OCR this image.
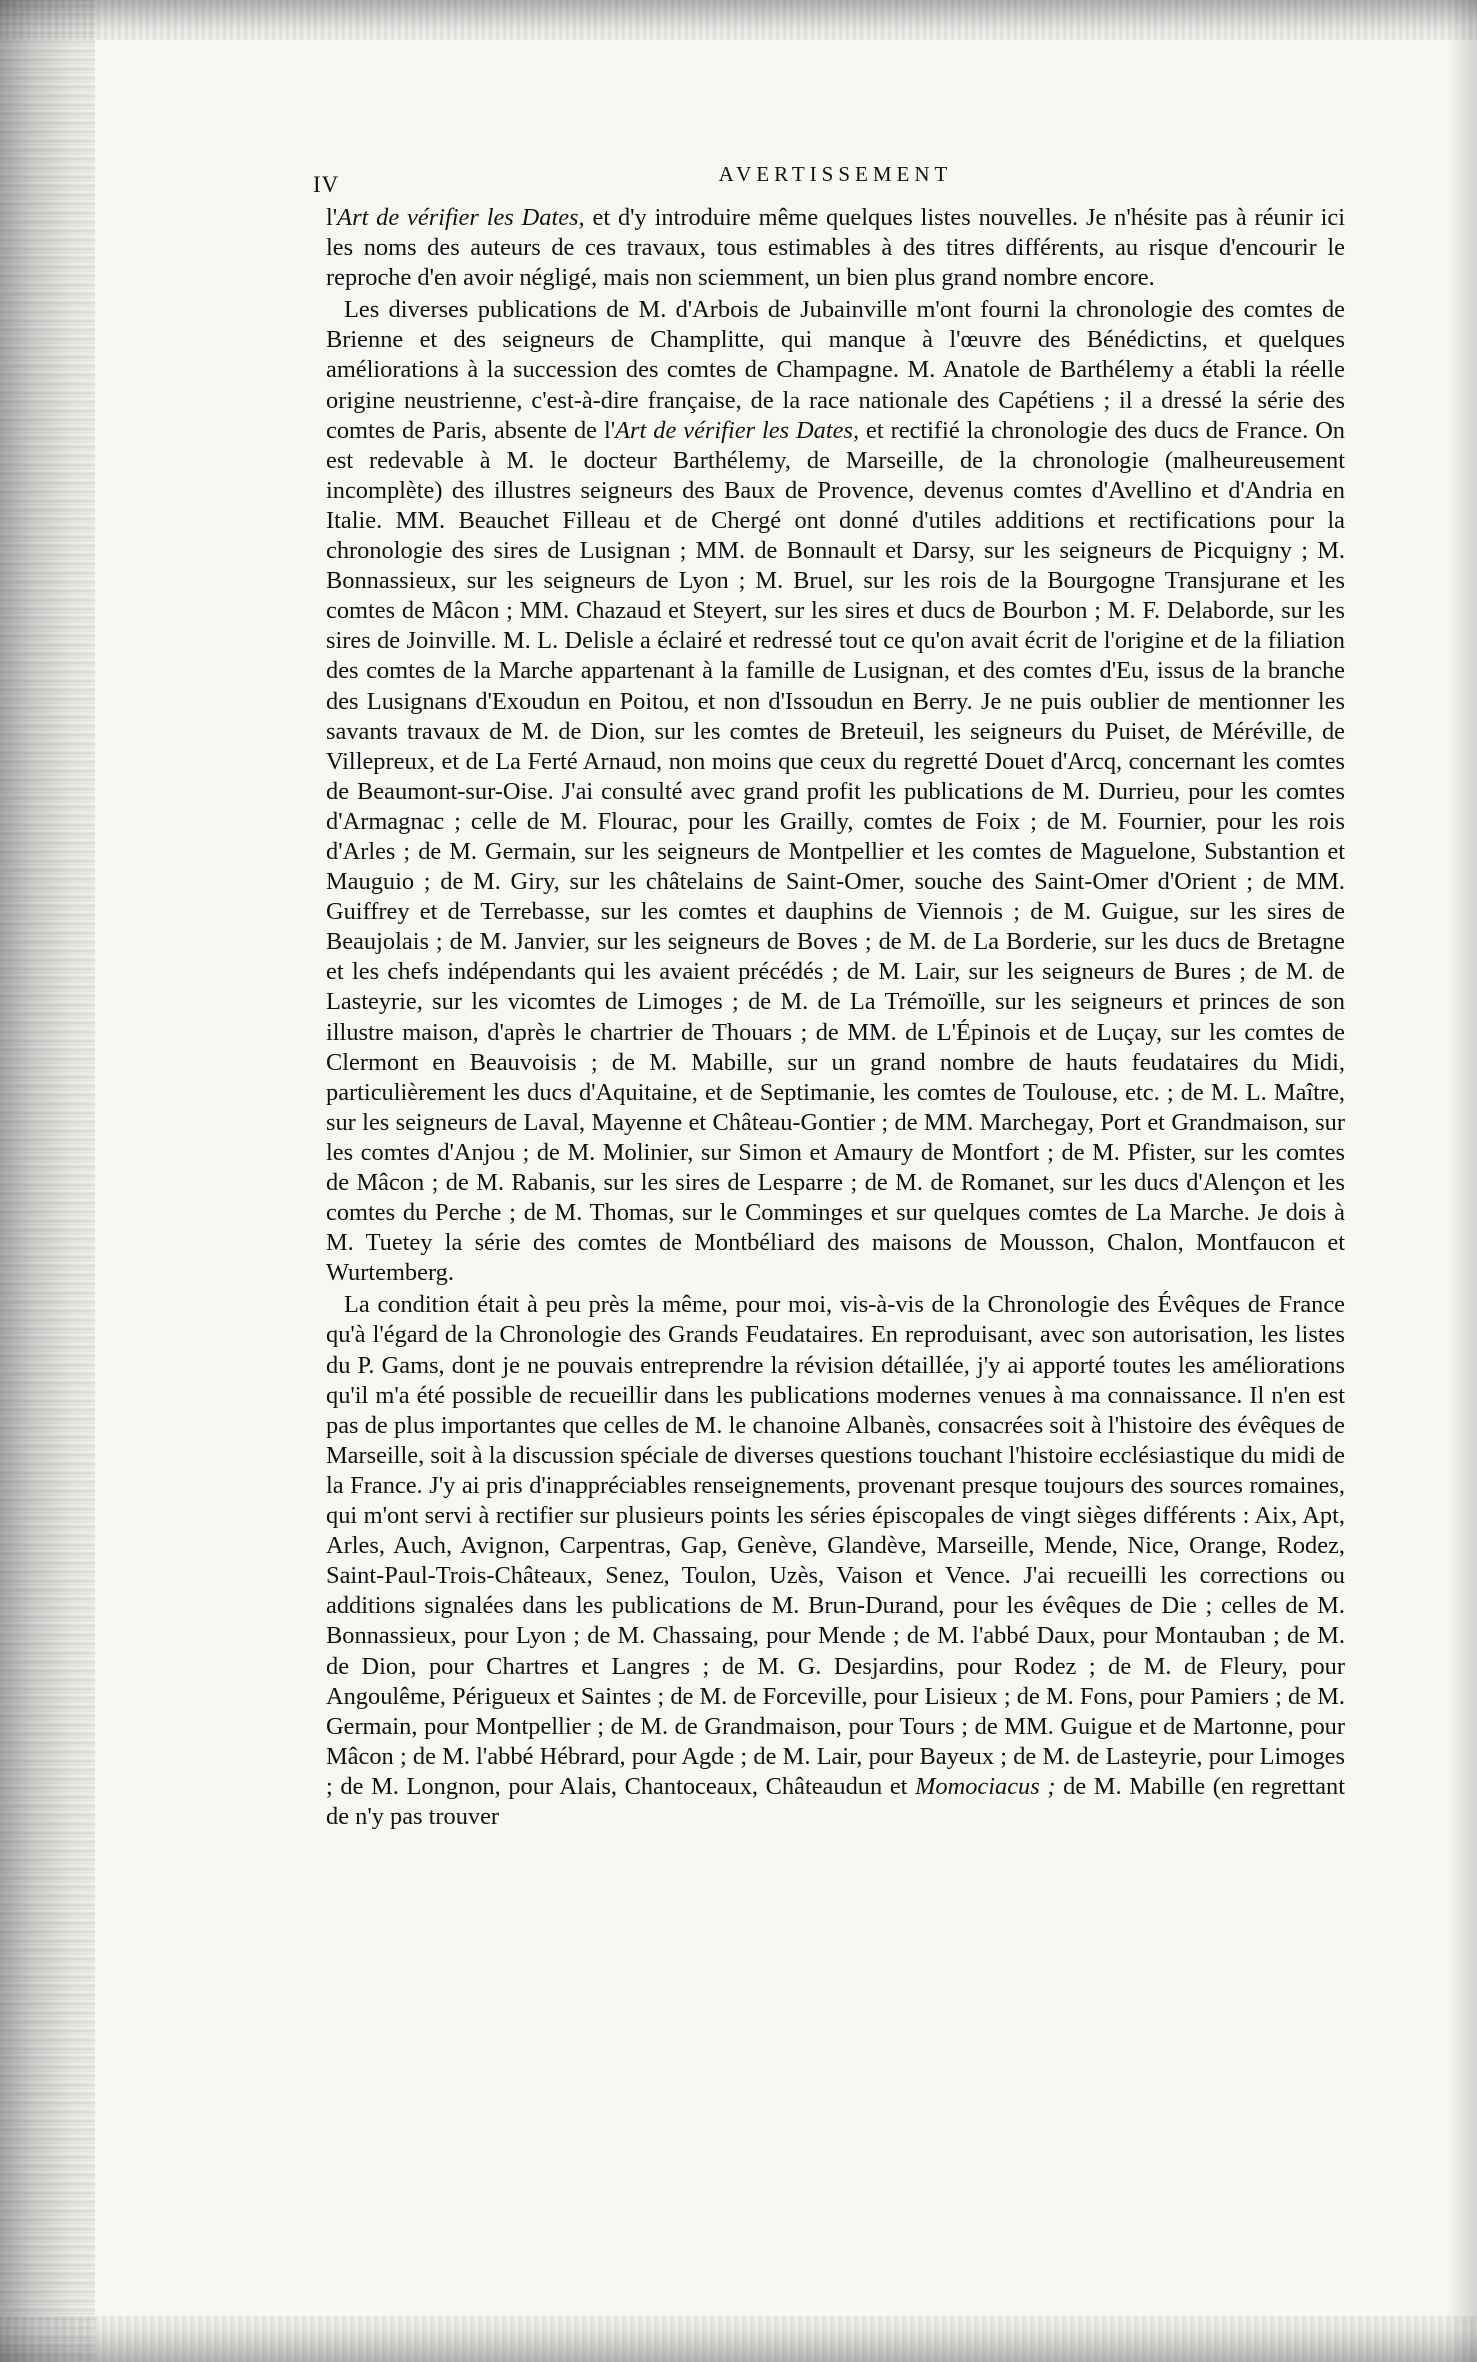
IV	AVERTISSEMENT

l'Art de vérifier les Dates, et d'y introduire même quelques listes nouvelles. Je n'hésite pas à réunir ici les noms des auteurs de ces travaux, tous estimables à des titres différents, au risque d'encourir le reproche d'en avoir négligé, mais non sciemment, un bien plus grand nombre encore.

Les diverses publications de M. d'Arbois de Jubainville m'ont fourni la chronologie des comtes de Brienne et des seigneurs de Champlitte, qui manque à l'œuvre des Bénédictins, et quelques améliorations à la succession des comtes de Champagne. M. Anatole de Barthélemy a établi la réelle origine neustrienne, c'est-à-dire française, de la race nationale des Capétiens ; il a dressé la série des comtes de Paris, absente de l'Art de vérifier les Dates, et rectifié la chronologie des ducs de France. On est redevable à M. le docteur Barthélemy, de Marseille, de la chronologie (malheureusement incomplète) des illustres seigneurs des Baux de Provence, devenus comtes d'Avellino et d'Andria en Italie. MM. Beauchet Filleau et de Chergé ont donné d'utiles additions et rectifications pour la chronologie des sires de Lusignan ; MM. de Bonnault et Darsy, sur les seigneurs de Picquigny ; M. Bonnassieux, sur les seigneurs de Lyon ; M. Bruel, sur les rois de la Bourgogne Transjurane et les comtes de Mâcon ; MM. Chazaud et Steyert, sur les sires et ducs de Bourbon ; M. F. Delaborde, sur les sires de Joinville. M. L. Delisle a éclairé et redressé tout ce qu'on avait écrit de l'origine et de la filiation des comtes de la Marche appartenant à la famille de Lusignan, et des comtes d'Eu, issus de la branche des Lusignans d'Exoudun en Poitou, et non d'Issoudun en Berry. Je ne puis oublier de mentionner les savants travaux de M. de Dion, sur les comtes de Breteuil, les seigneurs du Puiset, de Méréville, de Villepreux, et de La Ferté Arnaud, non moins que ceux du regretté Douet d'Arcq, concernant les comtes de Beaumont-sur-Oise. J'ai consulté avec grand profit les publications de M. Durrieu, pour les comtes d'Armagnac ; celle de M. Flourac, pour les Grailly, comtes de Foix ; de M. Fournier, pour les rois d'Arles ; de M. Germain, sur les seigneurs de Montpellier et les comtes de Maguelone, Substantion et Mauguio ; de M. Giry, sur les châtelains de Saint-Omer, souche des Saint-Omer d'Orient ; de MM. Guiffrey et de Terrebasse, sur les comtes et dauphins de Viennois ; de M. Guigue, sur les sires de Beaujolais ; de M. Janvier, sur les seigneurs de Boves ; de M. de La Borderie, sur les ducs de Bretagne et les chefs indépendants qui les avaient précédés ; de M. Lair, sur les seigneurs de Bures ; de M. de Lasteyrie, sur les vicomtes de Limoges ; de M. de La Trémoïlle, sur les seigneurs et princes de son illustre maison, d'après le chartrier de Thouars ; de MM. de L'Épinois et de Luçay, sur les comtes de Clermont en Beauvoisis ; de M. Mabille, sur un grand nombre de hauts feudataires du Midi, particulièrement les ducs d'Aquitaine, et de Septimanie, les comtes de Toulouse, etc. ; de M. L. Maître, sur les seigneurs de Laval, Mayenne et Château-Gontier ; de MM. Marchegay, Port et Grandmaison, sur les comtes d'Anjou ; de M. Molinier, sur Simon et Amaury de Montfort ; de M. Pfister, sur les comtes de Mâcon ; de M. Rabanis, sur les sires de Lesparre ; de M. de Romanet, sur les ducs d'Alençon et les comtes du Perche ; de M. Thomas, sur le Comminges et sur quelques comtes de La Marche. Je dois à M. Tuetey la série des comtes de Montbéliard des maisons de Mousson, Chalon, Montfaucon et Wurtemberg.

La condition était à peu près la même, pour moi, vis-à-vis de la Chronologie des Évêques de France qu'à l'égard de la Chronologie des Grands Feudataires. En reproduisant, avec son autorisation, les listes du P. Gams, dont je ne pouvais entreprendre la révision détaillée, j'y ai apporté toutes les améliorations qu'il m'a été possible de recueillir dans les publications modernes venues à ma connaissance. Il n'en est pas de plus importantes que celles de M. le chanoine Albanès, consacrées soit à l'histoire des évêques de Marseille, soit à la discussion spéciale de diverses questions touchant l'histoire ecclésiastique du midi de la France. J'y ai pris d'inappréciables renseignements, provenant presque toujours des sources romaines, qui m'ont servi à rectifier sur plusieurs points les séries épiscopales de vingt sièges différents : Aix, Apt, Arles, Auch, Avignon, Carpentras, Gap, Genève, Glandève, Marseille, Mende, Nice, Orange, Rodez, Saint-Paul-Trois-Châteaux, Senez, Toulon, Uzès, Vaison et Vence. J'ai recueilli les corrections ou additions signalées dans les publications de M. Brun-Durand, pour les évêques de Die ; celles de M. Bonnassieux, pour Lyon ; de M. Chassaing, pour Mende ; de M. l'abbé Daux, pour Montauban ; de M. de Dion, pour Chartres et Langres ; de M. G. Desjardins, pour Rodez ; de M. de Fleury, pour Angoulême, Périgueux et Saintes ; de M. de Forceville, pour Lisieux ; de M. Fons, pour Pamiers ; de M. Germain, pour Montpellier ; de M. de Grandmaison, pour Tours ; de MM. Guigue et de Martonne, pour Mâcon ; de M. l'abbé Hébrard, pour Agde ; de M. Lair, pour Bayeux ; de M. de Lasteyrie, pour Limoges ; de M. Longnon, pour Alais, Chantoceaux, Châteaudun et Momociacus ; de M. Mabille (en regrettant de n'y pas trouver
